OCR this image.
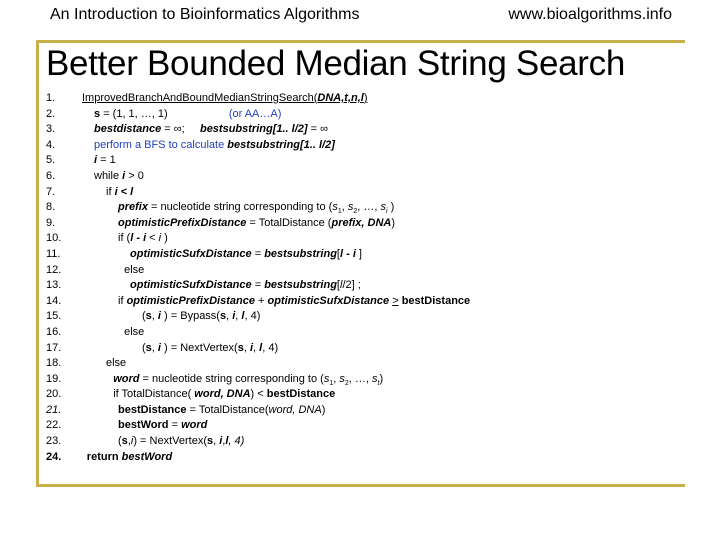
An Introduction to Bioinformatics Algorithms	www.bioalgorithms.info
Better Bounded Median String Search
1. ImprovedBranchAndBoundMedianStringSearch(DNA,t,n,l)
2.	s = (1, 1, …, 1)                    (or AA…A)
3.	bestdistance = ∞;     bestsubstring[1.. l/2] = ∞
4.	perform a BFS to calculate bestsubstring[1.. l/2]
5.	i = 1
6.	while i > 0
7.	if i < l
8.	prefix = nucleotide string corresponding to ($s_1$, $s_2$, …, $s_i$ )
9.	optimisticPrefixDistance = TotalDistance (prefix, DNA)
10.	if (l - i < i )
11.	optimisticSufxDistance = bestsubstring[l - i ]
12.	else
13.	optimisticSufxDistance = bestsubstring[l/2] ;
14.	if optimisticPrefixDistance + optimisticSufxDistance > bestDistance
15.	(s, i ) = Bypass(s, i, l, 4)
16.	else
17.	(s, i ) = NextVertex(s, i, l, 4)
18.	else
19.	word = nucleotide string corresponding to ($s_1$, $s_2$, …, $s_t$)
20.	if TotalDistance( word, DNA) < bestDistance
21.	bestDistance = TotalDistance(word, DNA)
22.	bestWord = word
23.	(s,i) = NextVertex(s, i,l, 4)
24. return bestWord
